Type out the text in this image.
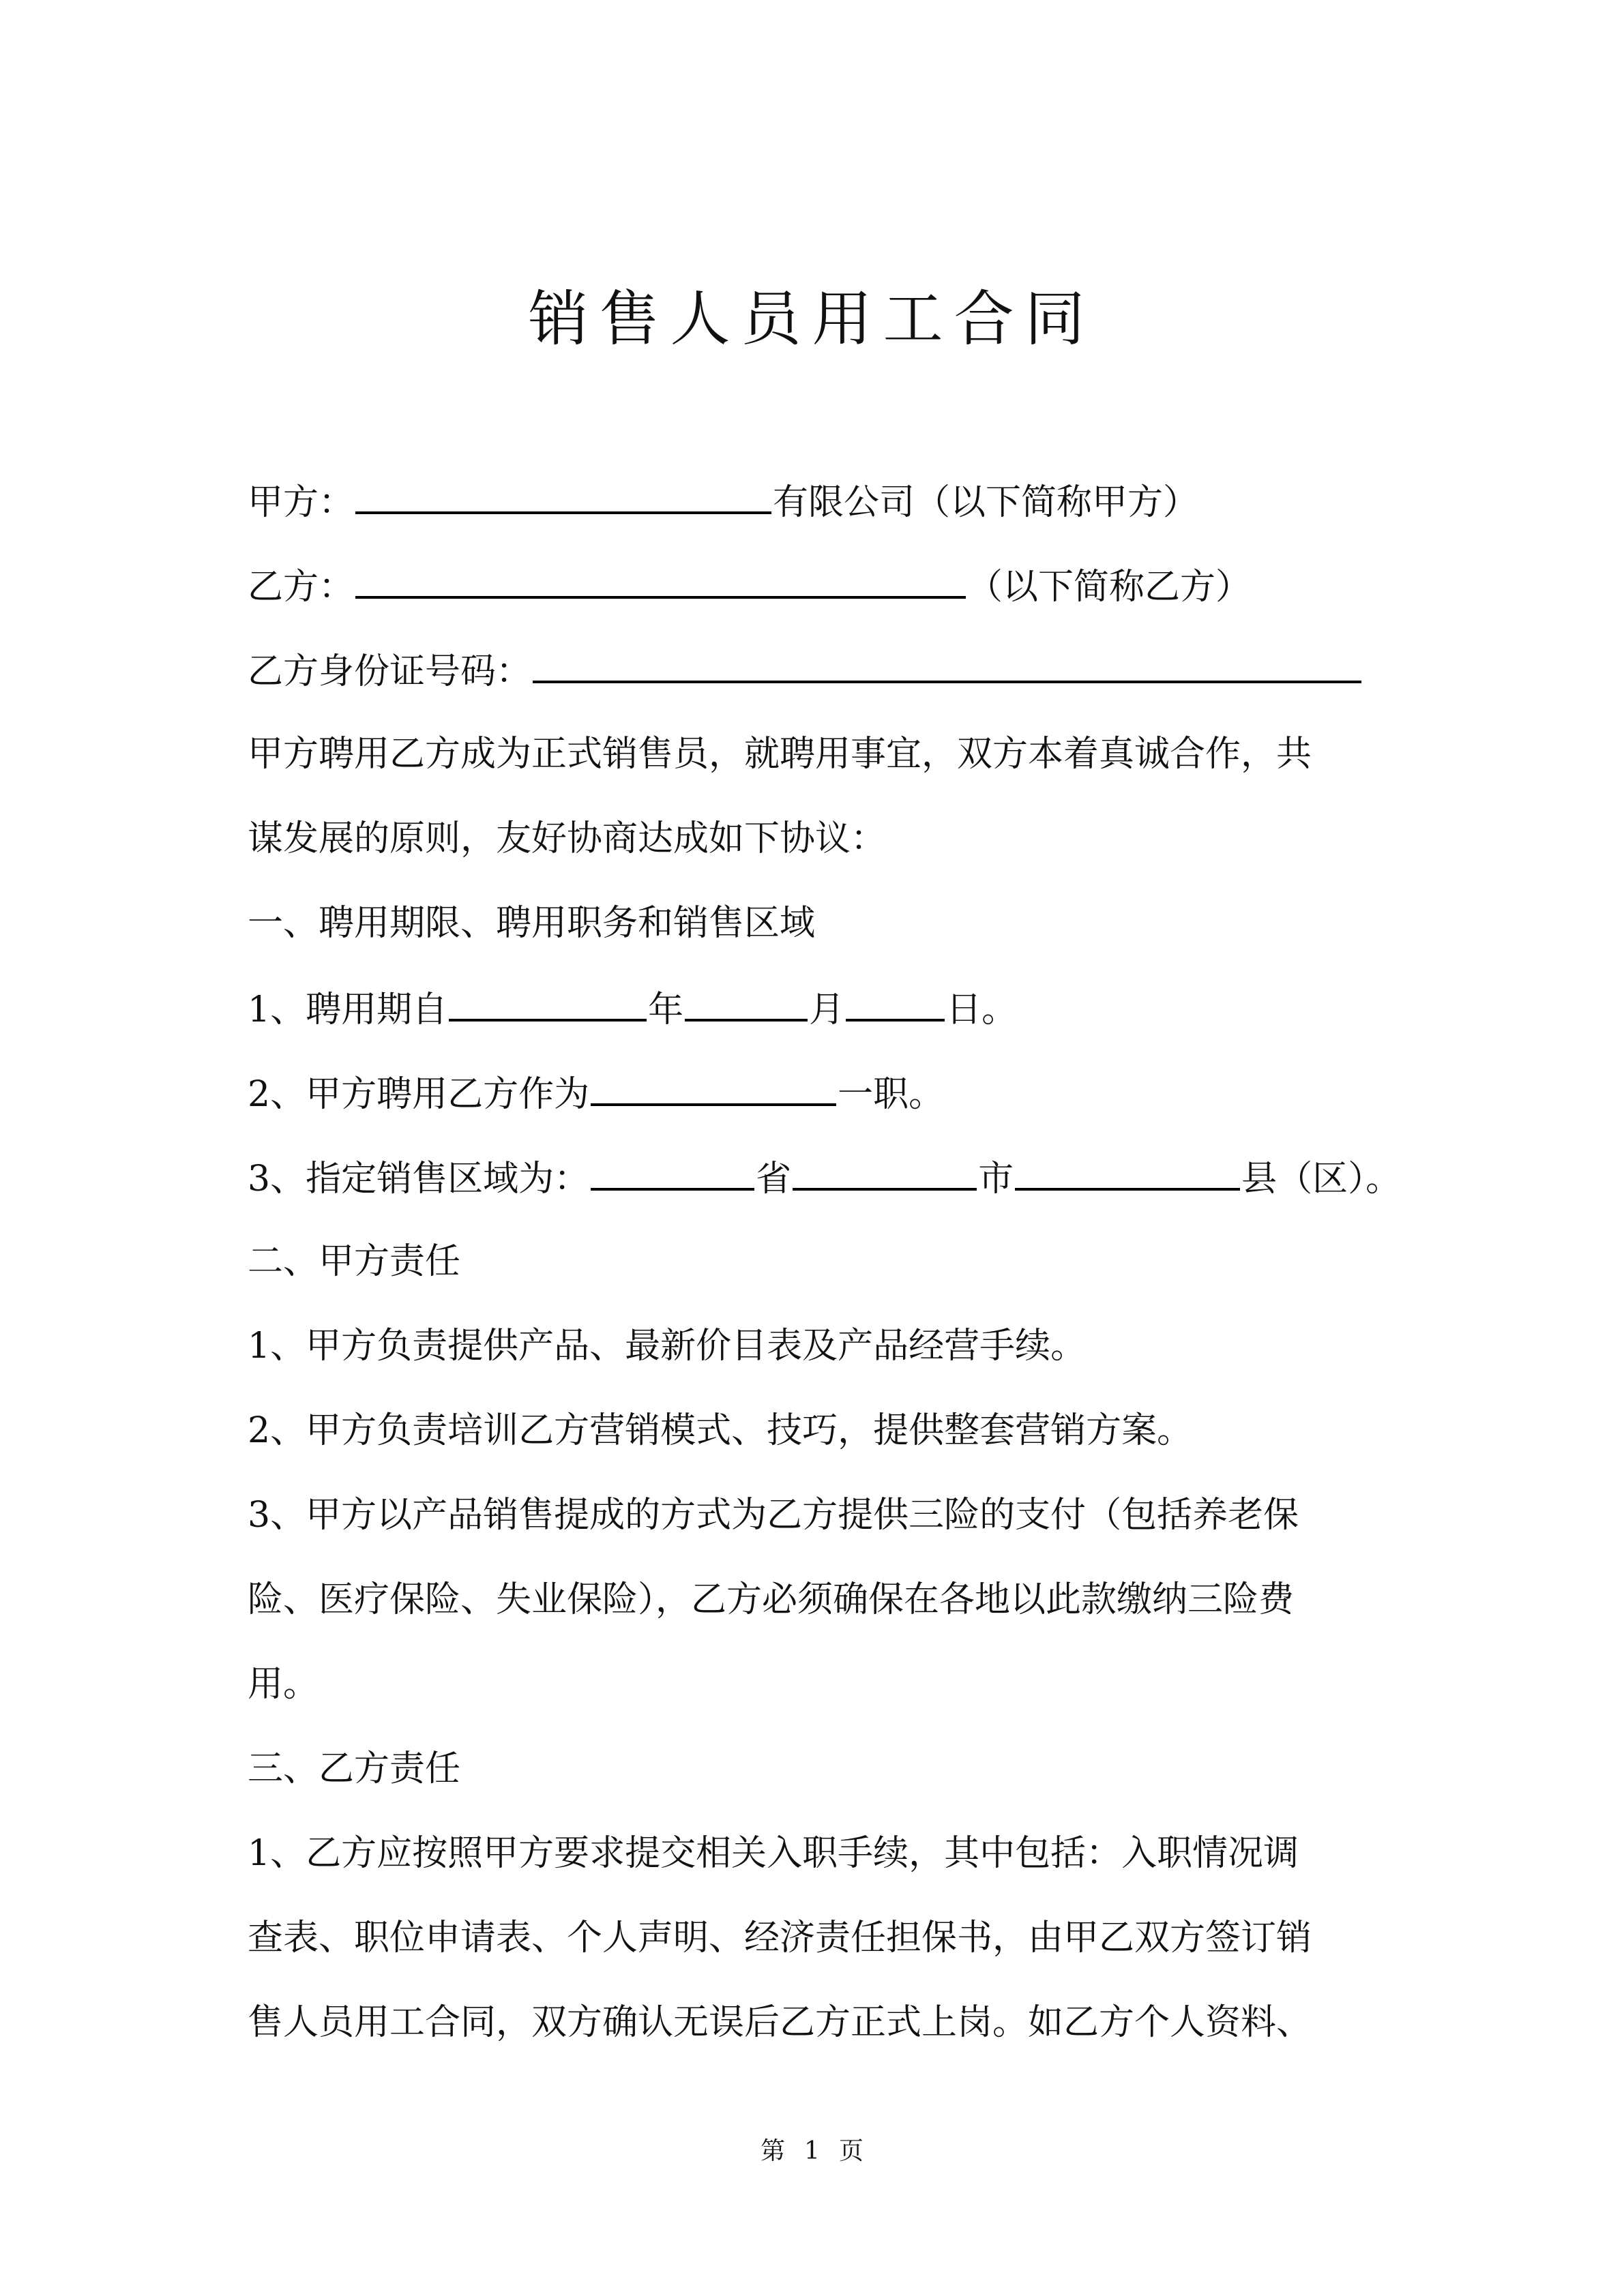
销售人员用工合同
甲方：	有限公司（以下简称甲方）
乙方：	（以下简称乙方）
乙方身份证号码：
甲方聘用乙方成为正式销售员，就聘用事宜，双方本着真诚合作，共
谋发展的原则，友好协商达成如下协议：
一、聘用期限、聘用职务和销售区域
1、聘用期自	年	月	日。
2、甲方聘用乙方作为	一职。
3、指定销售区域为：	省	市	县（区）。
二、甲方责任
1、甲方负责提供产品、最新价目表及产品经营手续。
2、甲方负责培训乙方营销模式、技巧，提供整套营销方案。
3、甲方以产品销售提成的方式为乙方提供三险的支付（包括养老保
险、医疗保险、失业保险），乙方必须确保在各地以此款缴纳三险费
用。
三、乙方责任
1、乙方应按照甲方要求提交相关入职手续，其中包括：入职情况调
查表、职位申请表、个人声明、经济责任担保书，由甲乙双方签订销
售人员用工合同，双方确认无误后乙方正式上岗。如乙方个人资料、
第 1 页
